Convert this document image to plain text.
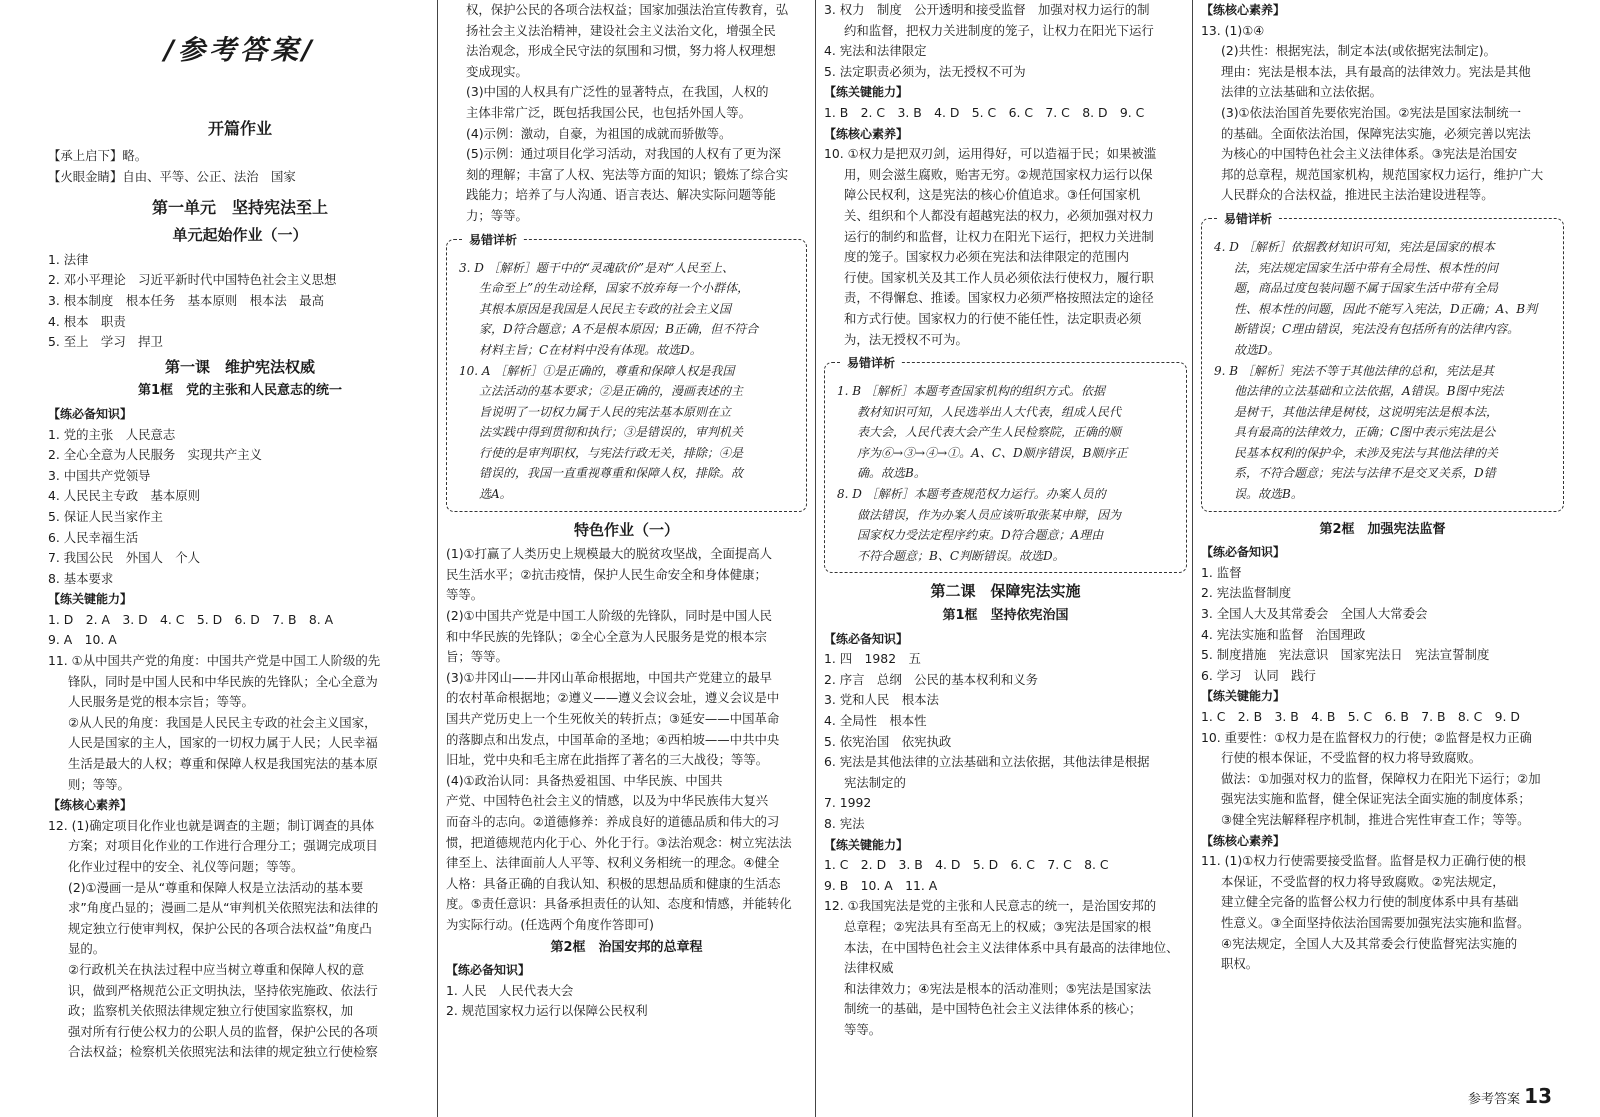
/参考答案/
开篇作业

【承上启下】略。

【火眼金睛】自由、平等、公正、法治　国家

第一单元　坚持宪法至上
单元起始作业（一）

1. 法律

2. 邓小平理论　习近平新时代中国特色社会主义思想

3. 根本制度　根本任务　基本原则　根本法　最高

4. 根本　职责

5. 至上　学习　捍卫

第一课　维护宪法权威
第1框　党的主张和人民意志的统一

【练必备知识】

1. 党的主张　人民意志

2. 全心全意为人民服务　实现共产主义

3. 中国共产党领导

4. 人民民主专政　基本原则

5. 保证人民当家作主

6. 人民幸福生活

7. 我国公民　外国人　个人

8. 基本要求

【练关键能力】

1. D　2. A　3. D　4. C　5. D　6. D　7. B　8. A

9. A　10. A

11. ①从中国共产党的角度：中国共产党是中国工人阶级的先

锋队，同时是中国人民和中华民族的先锋队；全心全意为

人民服务是党的根本宗旨；等等。

②从人民的角度：我国是人民民主专政的社会主义国家，

人民是国家的主人，国家的一切权力属于人民；人民幸福

生活是最大的人权；尊重和保障人权是我国宪法的基本原

则；等等。

【练核心素养】

12. (1)确定项目化作业也就是调查的主题；制订调查的具体

方案；对项目化作业的工作进行合理分工；强调完成项目

化作业过程中的安全、礼仪等问题；等等。

(2)①漫画一是从“尊重和保障人权是立法活动的基本要

求”角度凸显的；漫画二是从“审判机关依照宪法和法律的

规定独立行使审判权，保护公民的各项合法权益”角度凸

显的。

②行政机关在执法过程中应当树立尊重和保障人权的意

识，做到严格规范公正文明执法，坚持依宪施政、依法行

政；监察机关依照法律规定独立行使国家监察权，加

强对所有行使公权力的公职人员的监督，保护公民的各项

合法权益；检察机关依照宪法和法律的规定独立行使检察

权，保护公民的各项合法权益；国家加强法治宣传教育，弘

扬社会主义法治精神，建设社会主义法治文化，增强全民

法治观念，形成全民守法的氛围和习惯，努力将人权理想

变成现实。

(3)中国的人权具有广泛性的显著特点，在我国，人权的

主体非常广泛，既包括我国公民，也包括外国人等。

(4)示例：激动，自豪，为祖国的成就而骄傲等。

(5)示例：通过项目化学习活动，对我国的人权有了更为深

刻的理解；丰富了人权、宪法等方面的知识；锻炼了综合实

践能力；培养了与人沟通、语言表达、解决实际问题等能

力；等等。

易错详析

3. D ［解析］题干中的“灵魂砍价”是对“人民至上、

生命至上”的生动诠释，国家不放弃每一个小群体，

其根本原因是我国是人民民主专政的社会主义国

家，D符合题意；A不是根本原因；B正确，但不符合

材料主旨；C在材料中没有体现。故选D。

10. A ［解析］①是正确的，尊重和保障人权是我国

立法活动的基本要求；②是正确的，漫画表述的主

旨说明了一切权力属于人民的宪法基本原则在立

法实践中得到贯彻和执行；③是错误的，审判机关

行使的是审判职权，与宪法行政无关，排除；④是

错误的，我国一直重视尊重和保障人权，排除。故

选A。

特色作业（一）

(1)①打赢了人类历史上规模最大的脱贫攻坚战，全面提高人

民生活水平；②抗击疫情，保护人民生命安全和身体健康；

等等。

(2)①中国共产党是中国工人阶级的先锋队，同时是中国人民

和中华民族的先锋队；②全心全意为人民服务是党的根本宗

旨；等等。

(3)①井冈山——井冈山革命根据地，中国共产党建立的最早

的农村革命根据地；②遵义——遵义会议会址，遵义会议是中

国共产党历史上一个生死攸关的转折点；③延安——中国革命

的落脚点和出发点，中国革命的圣地；④西柏坡——中共中央

旧址，党中央和毛主席在此指挥了著名的三大战役；等等。

(4)①政治认同：具备热爱祖国、中华民族、中国共

产党、中国特色社会主义的情感，以及为中华民族伟大复兴

而奋斗的志向。②道德修养：养成良好的道德品质和伟大的习

惯，把道德规范内化于心、外化于行。③法治观念：树立宪法法

律至上、法律面前人人平等、权利义务相统一的理念。④健全

人格：具备正确的自我认知、积极的思想品质和健康的生活态

度。⑤责任意识：具备承担责任的认知、态度和情感，并能转化

为实际行动。(任选两个角度作答即可)

第2框　治国安邦的总章程

【练必备知识】

1. 人民　人民代表大会

2. 规范国家权力运行以保障公民权利

3. 权力　制度　公开透明和接受监督　加强对权力运行的制

约和监督，把权力关进制度的笼子，让权力在阳光下运行

4. 宪法和法律限定

5. 法定职责必须为，法无授权不可为

【练关键能力】

1. B　2. C　3. B　4. D　5. C　6. C　7. C　8. D　9. C

【练核心素养】

10. ①权力是把双刃剑，运用得好，可以造福于民；如果被滥

用，则会滋生腐败，贻害无穷。②规范国家权力运行以保

障公民权利，这是宪法的核心价值追求。③任何国家机

关、组织和个人都没有超越宪法的权力，必须加强对权力

运行的制约和监督，让权力在阳光下运行，把权力关进制

度的笼子。国家权力必须在宪法和法律限定的范围内

行使。国家机关及其工作人员必须依法行使权力，履行职

责，不得懈怠、推诿。国家权力必须严格按照法定的途径

和方式行使。国家权力的行使不能任性，法定职责必须

为，法无授权不可为。

易错详析

1. B ［解析］本题考查国家机构的组织方式。依据

教材知识可知，人民选举出人大代表，组成人民代

表大会，人民代表大会产生人民检察院，正确的顺

序为⑥→③→④→①。A、C、D顺序错误，B顺序正

确。故选B。

8. D ［解析］本题考查规范权力运行。办案人员的

做法错误，作为办案人员应该听取张某申辩，因为

国家权力受法定程序约束。D符合题意；A理由

不符合题意；B、C判断错误。故选D。

第二课　保障宪法实施
第1框　坚持依宪治国

【练必备知识】

1. 四　1982　五

2. 序言　总纲　公民的基本权利和义务

3. 党和人民　根本法

4. 全局性　根本性

5. 依宪治国　依宪执政

6. 宪法是其他法律的立法基础和立法依据，其他法律是根据

宪法制定的

7. 1992

8. 宪法

【练关键能力】

1. C　2. D　3. B　4. D　5. D　6. C　7. C　8. C

9. B　10. A　11. A

12. ①我国宪法是党的主张和人民意志的统一，是治国安邦的

总章程；②宪法具有至高无上的权威；③宪法是国家的根

本法，在中国特色社会主义法律体系中具有最高的法律地位、法律权威

和法律效力；④宪法是根本的活动准则；⑤宪法是国家法

制统一的基础，是中国特色社会主义法律体系的核心；

等等。

【练核心素养】

13. (1)①④

(2)共性：根据宪法，制定本法(或依据宪法制定)。

理由：宪法是根本法，具有最高的法律效力。宪法是其他

法律的立法基础和立法依据。

(3)①依法治国首先要依宪治国。②宪法是国家法制统一

的基础。全面依法治国，保障宪法实施，必须完善以宪法

为核心的中国特色社会主义法律体系。③宪法是治国安

邦的总章程，规范国家机构，规范国家权力运行，维护广大

人民群众的合法权益，推进民主法治建设进程等。

易错详析

4. D ［解析］依据教材知识可知，宪法是国家的根本

法，宪法规定国家生活中带有全局性、根本性的问

题，商品过度包装问题不属于国家生活中带有全局

性、根本性的问题，因此不能写入宪法，D正确；A、B判

断错误；C理由错误，宪法没有包括所有的法律内容。

故选D。

9. B ［解析］宪法不等于其他法律的总和，宪法是其

他法律的立法基础和立法依据，A错误。B图中宪法

是树干，其他法律是树枝，这说明宪法是根本法，

具有最高的法律效力，正确；C图中表示宪法是公

民基本权利的保护伞，未涉及宪法与其他法律的关

系，不符合题意；宪法与法律不是交叉关系，D错

误。故选B。

第2框　加强宪法监督

【练必备知识】

1. 监督

2. 宪法监督制度

3. 全国人大及其常委会　全国人大常委会

4. 宪法实施和监督　治国理政

5. 制度措施　宪法意识　国家宪法日　宪法宣誓制度

6. 学习　认同　践行

【练关键能力】

1. C　2. B　3. B　4. B　5. C　6. B　7. B　8. C　9. D

10. 重要性：①权力是在监督权力的行使；②监督是权力正确

行使的根本保证，不受监督的权力将导致腐败。

做法：①加强对权力的监督，保障权力在阳光下运行；②加

强宪法实施和监督，健全保证宪法全面实施的制度体系；

③健全宪法解释程序机制，推进合宪性审查工作；等等。

【练核心素养】

11. (1)①权力行使需要接受监督。监督是权力正确行使的根

本保证，不受监督的权力将导致腐败。②宪法规定，

建立健全完备的监督公权力行使的制度体系中具有基础

性意义。③全面坚持依法治国需要加强宪法实施和监督。

④宪法规定，全国人大及其常委会行使监督宪法实施的

职权。

参考答案 13
